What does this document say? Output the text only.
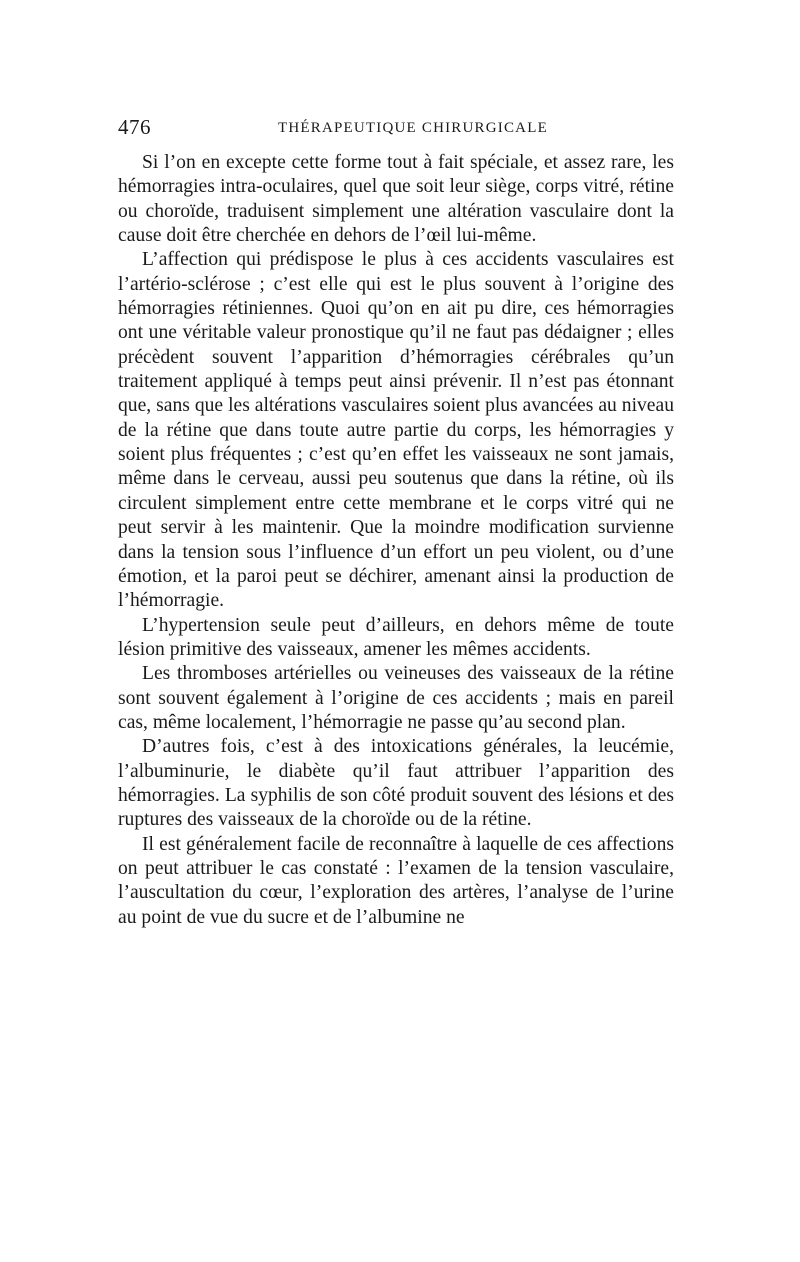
476	THÉRAPEUTIQUE CHIRURGICALE

Si l’on en excepte cette forme tout à fait spéciale, et assez rare, les hémorragies intra-oculaires, quel que soit leur siège, corps vitré, rétine ou choroïde, traduisent simplement une altération vasculaire dont la cause doit être cherchée en dehors de l’œil lui-même.

L’affection qui prédispose le plus à ces accidents vasculaires est l’artério-sclérose ; c’est elle qui est le plus souvent à l’origine des hémorragies rétiniennes. Quoi qu’on en ait pu dire, ces hémorragies ont une véritable valeur pronostique qu’il ne faut pas dédaigner ; elles précèdent souvent l’apparition d’hémorragies cérébrales qu’un traitement appliqué à temps peut ainsi prévenir. Il n’est pas étonnant que, sans que les altérations vasculaires soient plus avancées au niveau de la rétine que dans toute autre partie du corps, les hémorragies y soient plus fréquentes ; c’est qu’en effet les vaisseaux ne sont jamais, même dans le cerveau, aussi peu soutenus que dans la rétine, où ils circulent simplement entre cette membrane et le corps vitré qui ne peut servir à les maintenir. Que la moindre modification survienne dans la tension sous l’influence d’un effort un peu violent, ou d’une émotion, et la paroi peut se déchirer, amenant ainsi la production de l’hémorragie.

L’hypertension seule peut d’ailleurs, en dehors même de toute lésion primitive des vaisseaux, amener les mêmes accidents.

Les thromboses artérielles ou veineuses des vaisseaux de la rétine sont souvent également à l’origine de ces accidents ; mais en pareil cas, même localement, l’hémorragie ne passe qu’au second plan.

D’autres fois, c’est à des intoxications générales, la leucémie, l’albuminurie, le diabète qu’il faut attribuer l’apparition des hémorragies. La syphilis de son côté produit souvent des lésions et des ruptures des vaisseaux de la choroïde ou de la rétine.

Il est généralement facile de reconnaître à laquelle de ces affections on peut attribuer le cas constaté : l’examen de la tension vasculaire, l’auscultation du cœur, l’exploration des artères, l’analyse de l’urine au point de vue du sucre et de l’albumine ne
